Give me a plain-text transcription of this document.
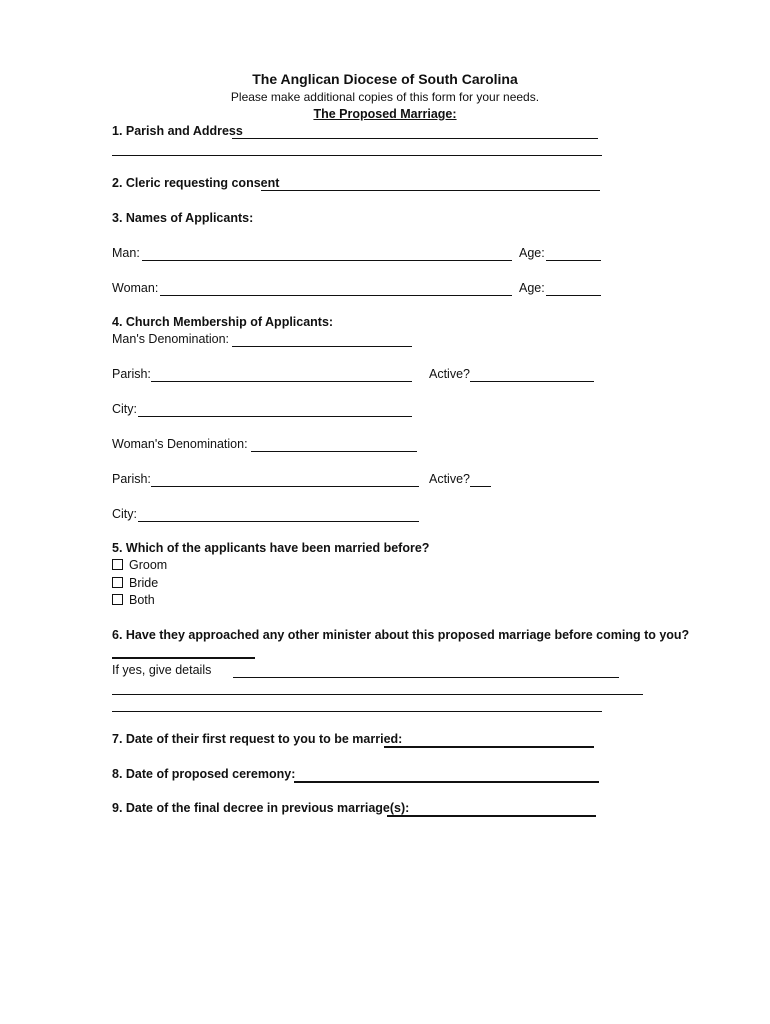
The Anglican Diocese of South Carolina
Please make additional copies of this form for your needs.
The Proposed Marriage:
1. Parish and Address
2. Cleric requesting consent
3. Names of Applicants:
Man:	Age:
Woman:	Age:
4. Church Membership of Applicants:
Man's Denomination:
Parish:	Active?
City:
Woman's Denomination:
Parish:	Active?
City:
5. Which of the applicants have been married before?
Groom
Bride
Both
6. Have they approached any other minister about this proposed marriage before coming to you?
If yes, give details
7. Date of their first request to you to be married:
8. Date of proposed ceremony:
9. Date of the final decree in previous marriage(s):
